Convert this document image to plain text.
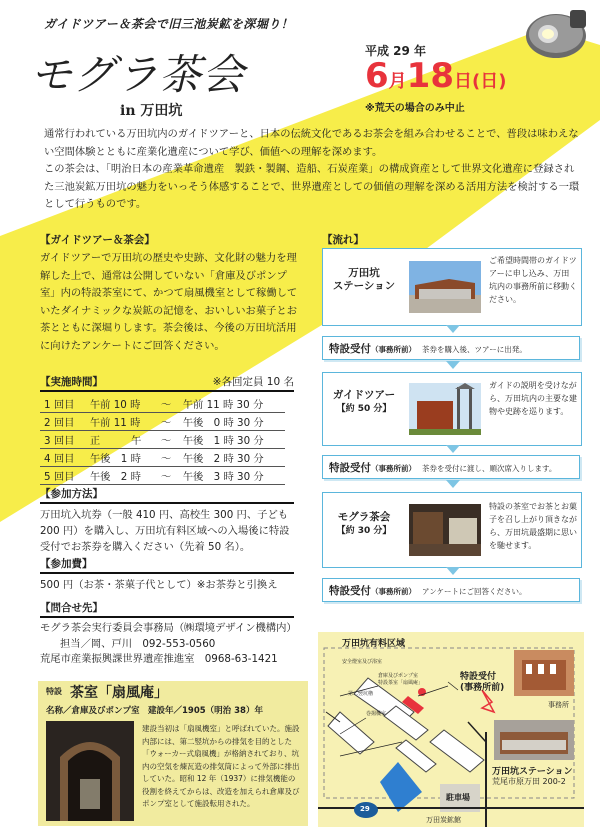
ガイドツアー＆茶会で旧三池炭鉱を深堀り！
モグラ茶会
in 万田坑
平成 29 年
6月18日(日)
※荒天の場合のみ中止
通常行われている万田坑内のガイドツアーと、日本の伝統文化であるお茶会を組み合わせることで、普段は味わえない空間体験とともに産業化遺産について学び、価値への理解を深めます。
この茶会は、「明治日本の産業革命遺産　製鉄・製鋼、造船、石炭産業」の構成資産として世界文化遺産に登録された三池炭鉱万田坑の魅力をいっそう体感することで、世界遺産としての価値の理解を深める活用方法を検討する一環として行うものです。
【ガイドツアー＆茶会】
ガイドツアーで万田坑の歴史や史跡、文化財の魅力を理解した上で、通常は公開していない「倉庫及びポンプ室」内の特設茶室にて、かつて扇風機室として稼働していたダイナミックな炭鉱の記憶を、おいしいお菓子とお茶とともに深堀りします。茶会後は、今後の万田坑活用に向けたアンケートにご回答ください。
【実施時間】	※各回定員 10 名
1 回目	午前 10 時	〜	午前 11 時 30 分
2 回目	午前 11 時	〜	午後　0 時 30 分
3 回目	正　　　午	〜	午後　1 時 30 分
4 回目	午後　1 時	〜	午後　2 時 30 分
5 回目	午後　2 時	〜	午後　3 時 30 分
【参加方法】
万田坑入坑券（一般 410 円、高校生 300 円、子ども 200 円）を購入し、万田坑有料区域への入場後に特設受付でお茶券を購入ください（先着 50 名）。
【参加費】
500 円（お茶・茶菓子代として）※お茶券と引換え
【問合せ先】
モグラ茶会実行委員会事務局（㈱環境デザイン機構内）
担当／岡、戸川　092-553-0560
荒尾市産業振興課世界遺産推進室　0968-63-1421
特設 茶室「扇風庵」
名称／倉庫及びポンプ室　建設年／1905（明治 38）年
建設当初は「扇風機室」と呼ばれていた。施設内部には、第二竪坑からの排気を目的とした「ウォーカー式扇風機」が格納されており、坑内の空気を煉瓦造の排気筒によって外部に排出していた。昭和 12 年（1937）に排気機能の役割を終えてからは、改造を加えられ倉庫及びポンプ室として施設転用された。
【流れ】
万田坑
ステーション
ご希望時間帯のガイドツアーに申し込み、万田坑内の事務所前に移動ください。
特設受付（事務所前） 茶券を購入後、ツアーに出発。
ガイドツアー
【約 50 分】
ガイドの説明を受けながら、万田坑内の主要な建物や史跡を巡ります。
特設受付（事務所前） 茶券を受付に渡し、順次席入りします。
モグラ茶会
【約 30 分】
特設の茶室でお茶とお菓子を召し上がり頂きながら、万田坑最盛期に思いを馳せます。
特設受付（事務所前） アンケートにご回答ください。
万田坑有料区域
安全燈室及び浴室
倉庫及びポンプ室
特設茶室「扇風庵」
第二竪坑櫓
巻揚機室
特設受付
(事務所前)
事務所
駐車場
万田坑ステーション
荒尾市原万田 200-2
29
万田炭鉱館
